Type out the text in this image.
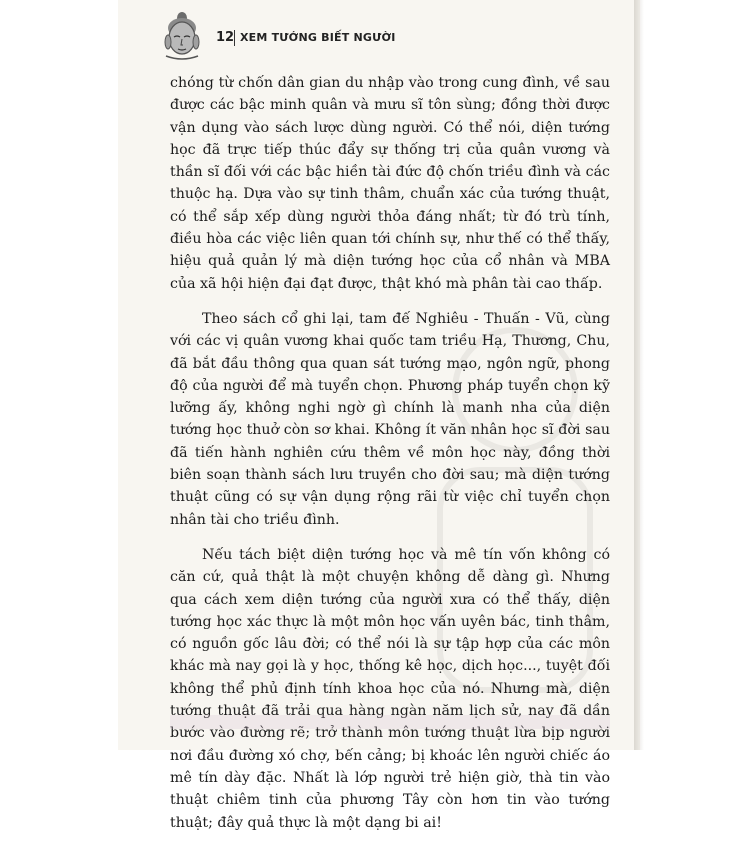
12 XEM TƯỚNG BIẾT NGƯỜI

chóng từ chốn dân gian du nhập vào trong cung đình, về sau được các bậc minh quân và mưu sĩ tôn sùng; đồng thời được vận dụng vào sách lược dùng người. Có thể nói, diện tướng học đã trực tiếp thúc đẩy sự thống trị của quân vương và thần sĩ đối với các bậc hiền tài đức độ chốn triều đình và các thuộc hạ. Dựa vào sự tinh thâm, chuẩn xác của tướng thuật, có thể sắp xếp dùng người thỏa đáng nhất; từ đó trù tính, điều hòa các việc liên quan tới chính sự, như thế có thể thấy, hiệu quả quản lý mà diện tướng học của cổ nhân và MBA của xã hội hiện đại đạt được, thật khó mà phân tài cao thấp.

Theo sách cổ ghi lại, tam đế Nghiêu - Thuấn - Vũ, cùng với các vị quân vương khai quốc tam triều Hạ, Thương, Chu, đã bắt đầu thông qua quan sát tướng mạo, ngôn ngữ, phong độ của người để mà tuyển chọn. Phương pháp tuyển chọn kỹ lưỡng ấy, không nghi ngờ gì chính là manh nha của diện tướng học thuở còn sơ khai. Không ít văn nhân học sĩ đời sau đã tiến hành nghiên cứu thêm về môn học này, đồng thời biên soạn thành sách lưu truyền cho đời sau; mà diện tướng thuật cũng có sự vận dụng rộng rãi từ việc chỉ tuyển chọn nhân tài cho triều đình.

Nếu tách biệt diện tướng học và mê tín vốn không có căn cứ, quả thật là một chuyện không dễ dàng gì. Nhưng qua cách xem diện tướng của người xưa có thể thấy, diện tướng học xác thực là một môn học vấn uyên bác, tinh thâm, có nguồn gốc lâu đời; có thể nói là sự tập hợp của các môn khác mà nay gọi là y học, thống kê học, dịch học..., tuyệt đối không thể phủ định tính khoa học của nó. Nhưng mà, diện tướng thuật đã trải qua hàng ngàn năm lịch sử, nay đã dần bước vào đường rẽ; trở thành môn tướng thuật lừa bịp người nơi đầu đường xó chợ, bến cảng; bị khoác lên người chiếc áo mê tín dày đặc. Nhất là lớp người trẻ hiện giờ, thà tin vào thuật chiêm tinh của phương Tây còn hơn tin vào tướng thuật; đây quả thực là một dạng bi ai!
